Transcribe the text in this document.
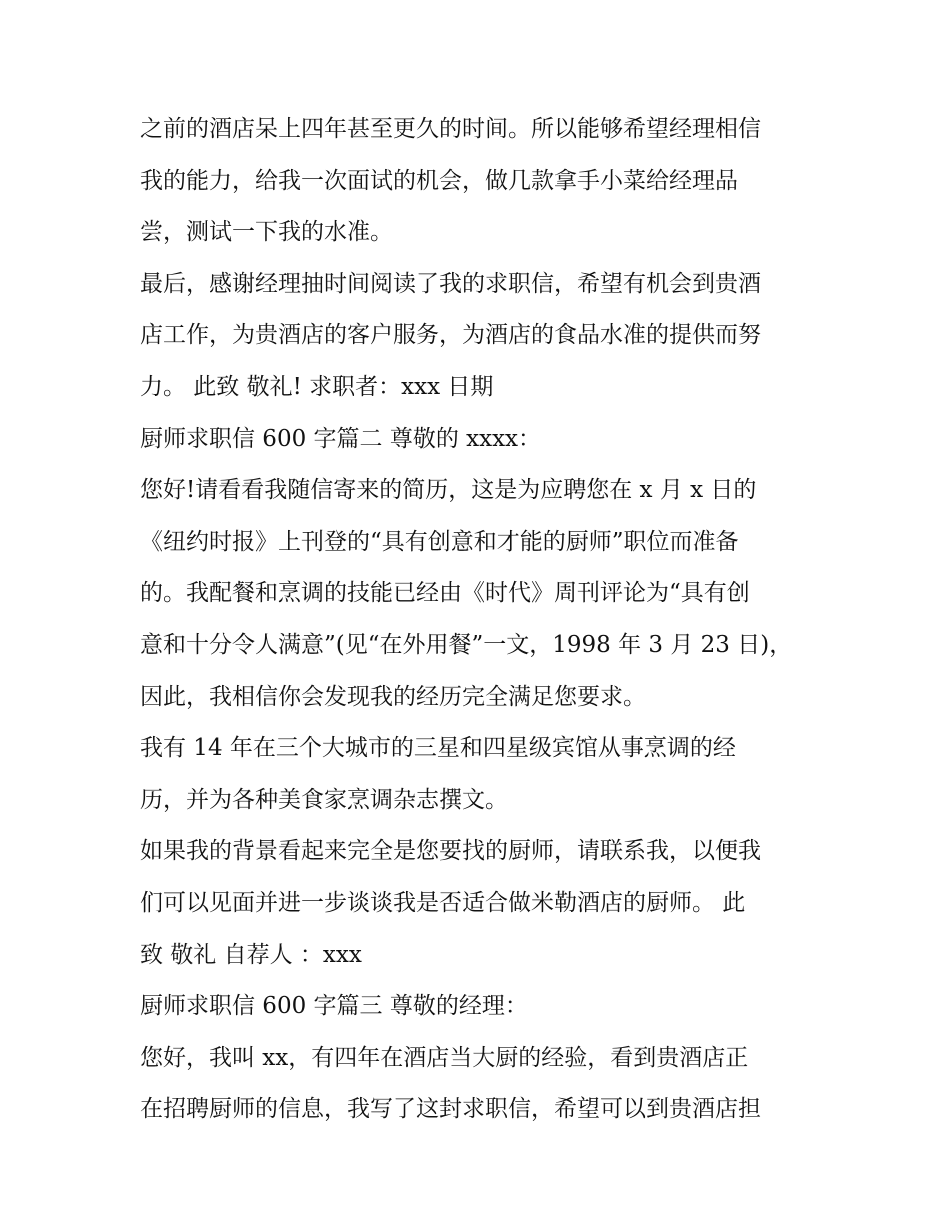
之前的酒店呆上四年甚至更久的时间。所以能够希望经理相信
我的能力，给我一次面试的机会，做几款拿手小菜给经理品
尝，测试一下我的水准。
最后，感谢经理抽时间阅读了我的求职信，希望有机会到贵酒
店工作，为贵酒店的客户服务，为酒店的食品水准的提供而努
力。 此致 敬礼! 求职者：xxx 日期
厨师求职信 600 字篇二 尊敬的 xxxx：
您好!请看看我随信寄来的简历，这是为应聘您在 x 月 x 日的
《纽约时报》上刊登的“具有创意和才能的厨师”职位而准备
的。我配餐和烹调的技能已经由《时代》周刊评论为“具有创
意和十分令人满意”(见“在外用餐”一文，1998 年 3 月 23 日)，
因此，我相信你会发现我的经历完全满足您要求。
我有 14 年在三个大城市的三星和四星级宾馆从事烹调的经
历，并为各种美食家烹调杂志撰文。
如果我的背景看起来完全是您要找的厨师，请联系我，以便我
们可以见面并进一步谈谈我是否适合做米勒酒店的厨师。 此
致 敬礼 自荐人 ：xxx
厨师求职信 600 字篇三 尊敬的经理：
您好，我叫 xx，有四年在酒店当大厨的经验，看到贵酒店正
在招聘厨师的信息，我写了这封求职信，希望可以到贵酒店担
